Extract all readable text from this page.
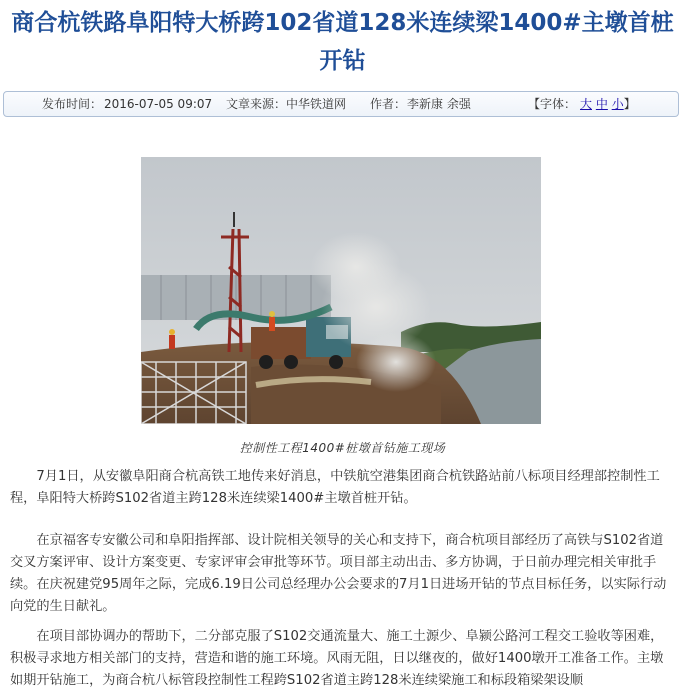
商合杭铁路阜阳特大桥跨102省道128米连续梁1400#主墩首桩开钻
发布时间： 2016-07-05 09:07 文章来源： 中华铁道网 作者： 李新康 余强	【字体： 大 中 小】
控制性工程1400#桩墩首钻施工现场

7月1日，从安徽阜阳商合杭高铁工地传来好消息，中铁航空港集团商合杭铁路站前八标项目经理部控制性工程，阜阳特大桥跨S102省道主跨128米连续梁1400#主墩首桩开钻。

在京福客专安徽公司和阜阳指挥部、设计院相关领导的关心和支持下，商合杭项目部经历了高铁与S102省道交叉方案评审、设计方案变更、专家评审会审批等环节。项目部主动出击、多方协调，于日前办理完相关审批手续。在庆祝建党95周年之际，完成6.19日公司总经理办公会要求的7月1日进场开钻的节点目标任务，以实际行动向党的生日献礼。

在项目部协调办的帮助下，二分部克服了S102交通流量大、施工土源少、阜颍公路河工程交工验收等困难，积极寻求地方相关部门的支持，营造和谐的施工环境。风雨无阻，日以继夜的，做好1400墩开工准备工作。主墩如期开钻施工，为商合杭八标管段控制性工程跨S102省道主跨128米连续梁施工和标段箱梁架设顺
